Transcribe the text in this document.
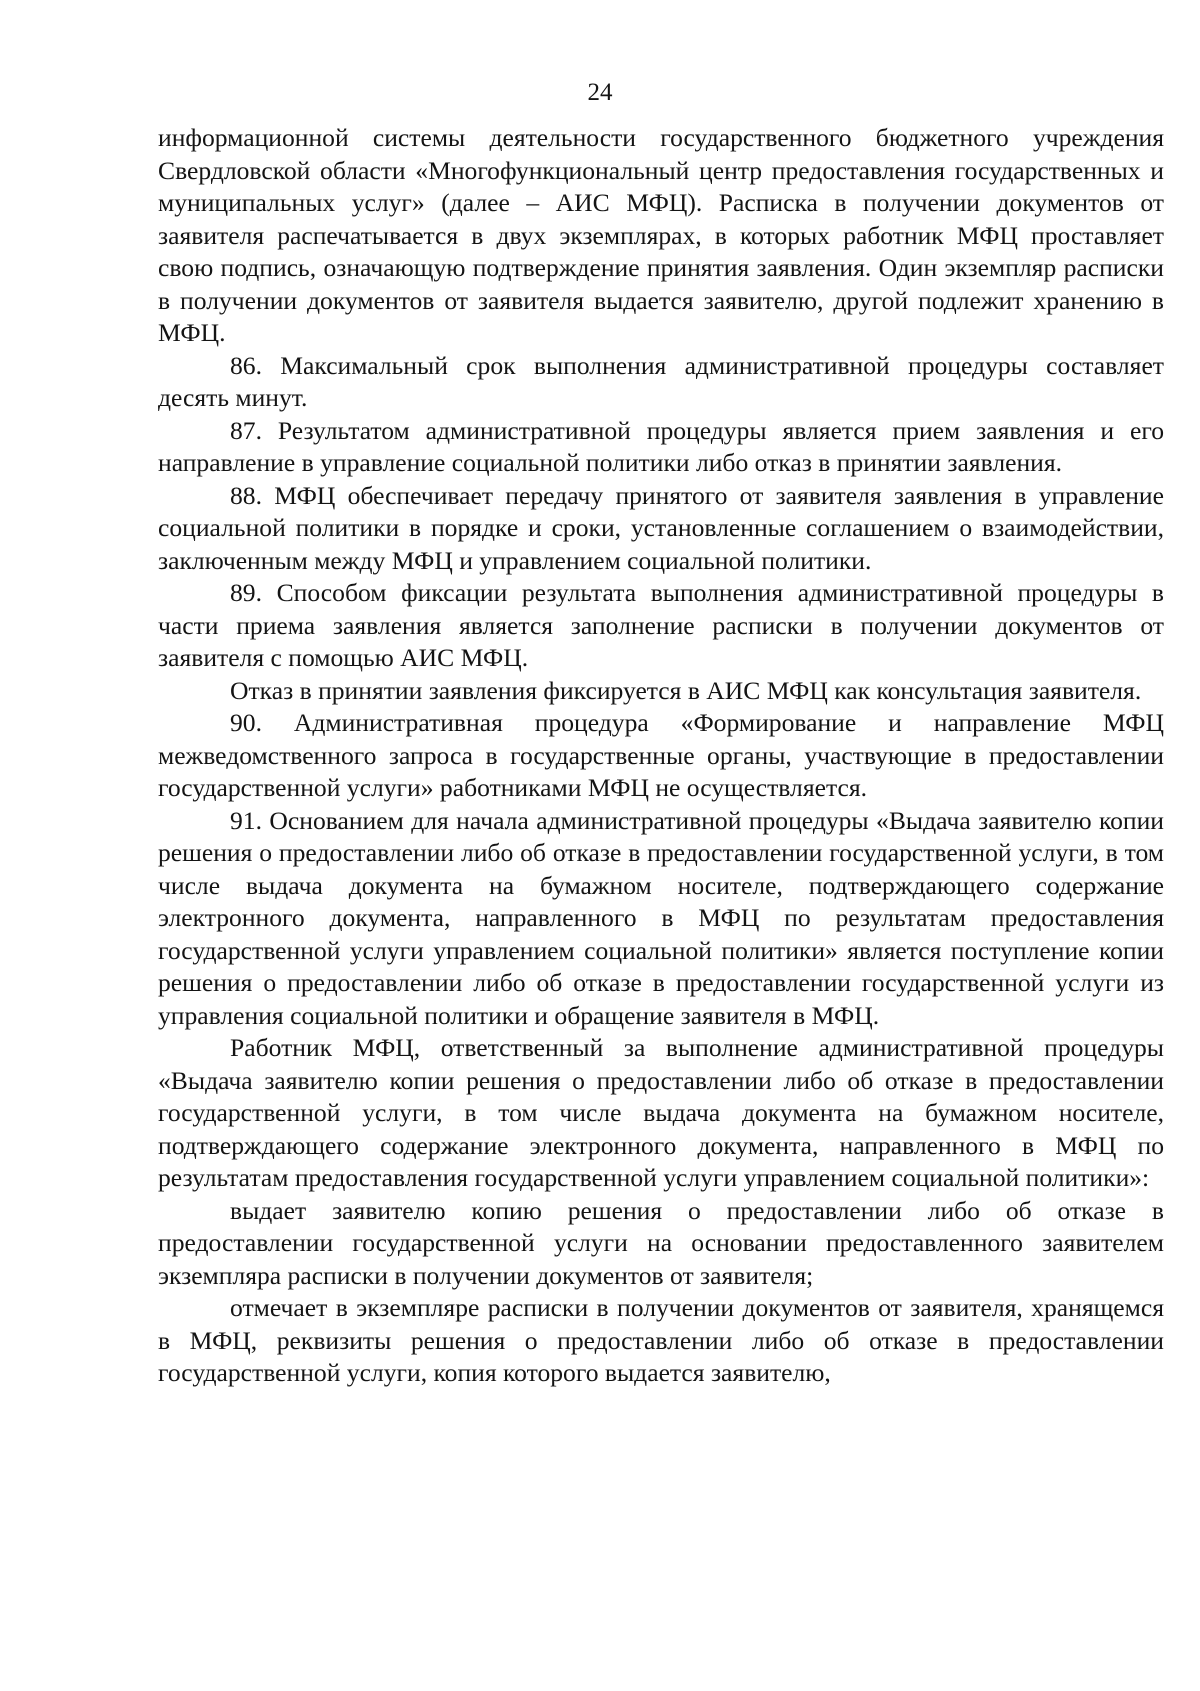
24

информационной системы деятельности государственного бюджетного учреждения Свердловской области «Многофункциональный центр предоставления государственных и муниципальных услуг» (далее – АИС МФЦ). Расписка в получении документов от заявителя распечатывается в двух экземплярах, в которых работник МФЦ проставляет свою подпись, означающую подтверждение принятия заявления. Один экземпляр расписки в получении документов от заявителя выдается заявителю, другой подлежит хранению в МФЦ.

86. Максимальный срок выполнения административной процедуры составляет десять минут.

87. Результатом административной процедуры является прием заявления и его направление в управление социальной политики либо отказ в принятии заявления.

88. МФЦ обеспечивает передачу принятого от заявителя заявления в управление социальной политики в порядке и сроки, установленные соглашением о взаимодействии, заключенным между МФЦ и управлением социальной политики.

89. Способом фиксации результата выполнения административной процедуры в части приема заявления является заполнение расписки в получении документов от заявителя с помощью АИС МФЦ.

Отказ в принятии заявления фиксируется в АИС МФЦ как консультация заявителя.

90. Административная процедура «Формирование и направление МФЦ межведомственного запроса в государственные органы, участвующие в предоставлении государственной услуги» работниками МФЦ не осуществляется.

91. Основанием для начала административной процедуры «Выдача заявителю копии решения о предоставлении либо об отказе в предоставлении государственной услуги, в том числе выдача документа на бумажном носителе, подтверждающего содержание электронного документа, направленного в МФЦ по результатам предоставления государственной услуги управлением социальной политики» является поступление копии решения о предоставлении либо об отказе в предоставлении государственной услуги из управления социальной политики и обращение заявителя в МФЦ.

Работник МФЦ, ответственный за выполнение административной процедуры «Выдача заявителю копии решения о предоставлении либо об отказе в предоставлении государственной услуги, в том числе выдача документа на бумажном носителе, подтверждающего содержание электронного документа, направленного в МФЦ по результатам предоставления государственной услуги управлением социальной политики»:

выдает заявителю копию решения о предоставлении либо об отказе в предоставлении государственной услуги на основании предоставленного заявителем экземпляра расписки в получении документов от заявителя;

отмечает в экземпляре расписки в получении документов от заявителя, хранящемся в МФЦ, реквизиты решения о предоставлении либо об отказе в предоставлении государственной услуги, копия которого выдается заявителю,
